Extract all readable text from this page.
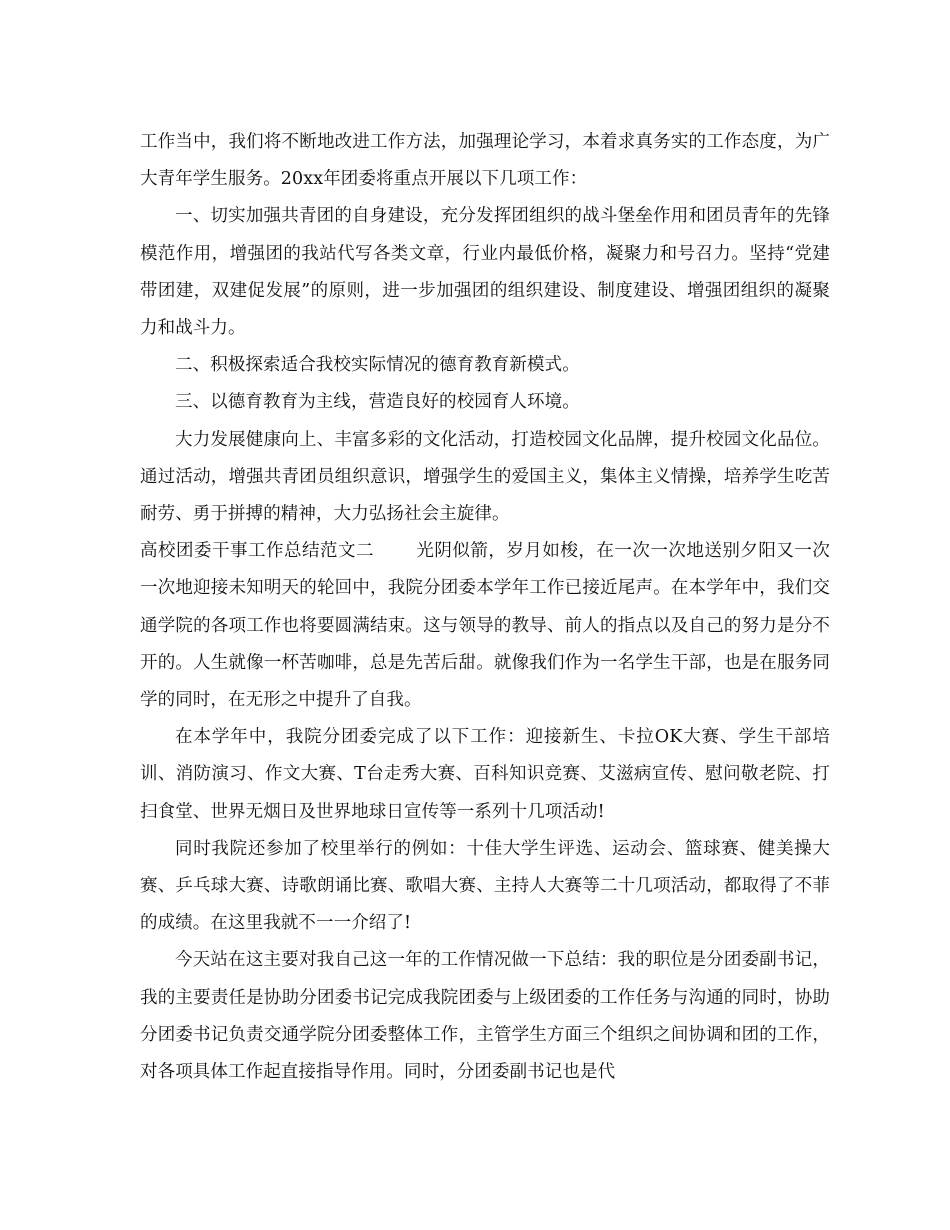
工作当中，我们将不断地改进工作方法，加强理论学习，本着求真务实的工作态度，为广大青年学生服务。20xx年团委将重点开展以下几项工作：

一、切实加强共青团的自身建设，充分发挥团组织的战斗堡垒作用和团员青年的先锋模范作用，增强团的我站代写各类文章，行业内最低价格，凝聚力和号召力。坚持“党建带团建，双建促发展”的原则，进一步加强团的组织建设、制度建设、增强团组织的凝聚力和战斗力。

二、积极探索适合我校实际情况的德育教育新模式。

三、以德育教育为主线，营造良好的校园育人环境。

大力发展健康向上、丰富多彩的文化活动，打造校园文化品牌，提升校园文化品位。通过活动，增强共青团员组织意识，增强学生的爱国主义，集体主义情操，培养学生吃苦耐劳、勇于拼搏的精神，大力弘扬社会主旋律。

高校团委干事工作总结范文二 光阴似箭，岁月如梭，在一次一次地送别夕阳又一次一次地迎接未知明天的轮回中，我院分团委本学年工作已接近尾声。在本学年中，我们交通学院的各项工作也将要圆满结束。这与领导的教导、前人的指点以及自己的努力是分不开的。人生就像一杯苦咖啡，总是先苦后甜。就像我们作为一名学生干部，也是在服务同学的同时，在无形之中提升了自我。

在本学年中，我院分团委完成了以下工作：迎接新生、卡拉OK大赛、学生干部培训、消防演习、作文大赛、T台走秀大赛、百科知识竞赛、艾滋病宣传、慰问敬老院、打扫食堂、世界无烟日及世界地球日宣传等一系列十几项活动!

同时我院还参加了校里举行的例如：十佳大学生评选、运动会、篮球赛、健美操大赛、乒乓球大赛、诗歌朗诵比赛、歌唱大赛、主持人大赛等二十几项活动，都取得了不菲的成绩。在这里我就不一一介绍了!

今天站在这主要对我自己这一年的工作情况做一下总结：我的职位是分团委副书记，我的主要责任是协助分团委书记完成我院团委与上级团委的工作任务与沟通的同时，协助分团委书记负责交通学院分团委整体工作，主管学生方面三个组织之间协调和团的工作，对各项具体工作起直接指导作用。同时，分团委副书记也是代
